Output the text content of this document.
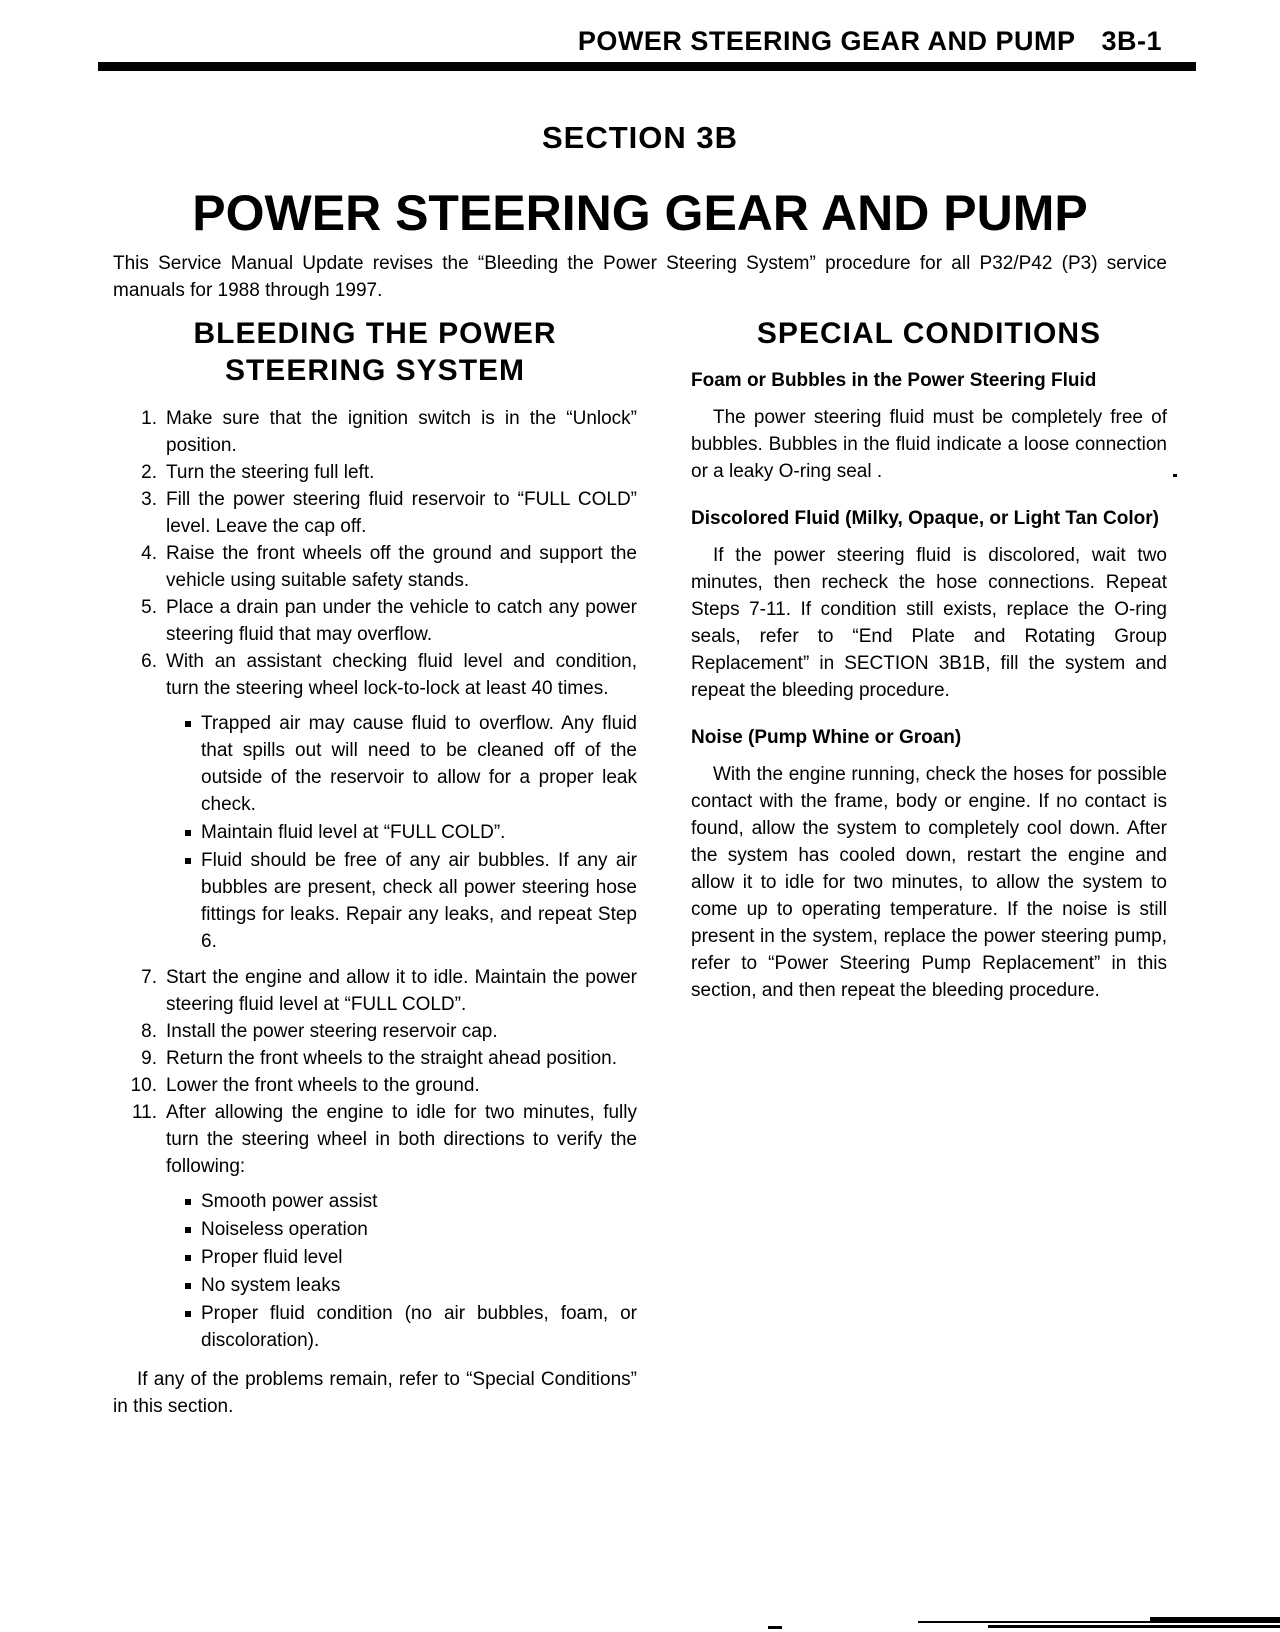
POWER STEERING GEAR AND PUMP 3B-1
SECTION 3B
POWER STEERING GEAR AND PUMP
This Service Manual Update revises the “Bleeding the Power Steering System” procedure for all P32/P42 (P3) service manuals for 1988 through 1997.
BLEEDING THE POWER
STEERING SYSTEM
1. Make sure that the ignition switch is in the “Unlock” position.
2. Turn the steering full left.
3. Fill the power steering fluid reservoir to “FULL COLD” level. Leave the cap off.
4. Raise the front wheels off the ground and support the vehicle using suitable safety stands.
5. Place a drain pan under the vehicle to catch any power steering fluid that may overflow.
6. With an assistant checking fluid level and condition, turn the steering wheel lock-to-lock at least 40 times.
Trapped air may cause fluid to overflow. Any fluid that spills out will need to be cleaned off of the outside of the reservoir to allow for a proper leak check.
Maintain fluid level at “FULL COLD”.
Fluid should be free of any air bubbles. If any air bubbles are present, check all power steering hose fittings for leaks. Repair any leaks, and repeat Step 6.
7. Start the engine and allow it to idle. Maintain the power steering fluid level at “FULL COLD”.
8. Install the power steering reservoir cap.
9. Return the front wheels to the straight ahead position.
10. Lower the front wheels to the ground.
11. After allowing the engine to idle for two minutes, fully turn the steering wheel in both directions to verify the following:
Smooth power assist
Noiseless operation
Proper fluid level
No system leaks
Proper fluid condition (no air bubbles, foam, or discoloration).
If any of the problems remain, refer to “Special Conditions” in this section.
SPECIAL CONDITIONS
Foam or Bubbles in the Power Steering Fluid
The power steering fluid must be completely free of bubbles. Bubbles in the fluid indicate a loose connection or a leaky O-ring seal .
Discolored Fluid (Milky, Opaque, or Light Tan Color)
If the power steering fluid is discolored, wait two minutes, then recheck the hose connections. Repeat Steps 7-11. If condition still exists, replace the O-ring seals, refer to “End Plate and Rotating Group Replacement” in SECTION 3B1B, fill the system and repeat the bleeding procedure.
Noise (Pump Whine or Groan)
With the engine running, check the hoses for possible contact with the frame, body or engine. If no contact is found, allow the system to completely cool down. After the system has cooled down, restart the engine and allow it to idle for two minutes, to allow the system to come up to operating temperature. If the noise is still present in the system, replace the power steering pump, refer to “Power Steering Pump Replacement” in this section, and then repeat the bleeding procedure.
